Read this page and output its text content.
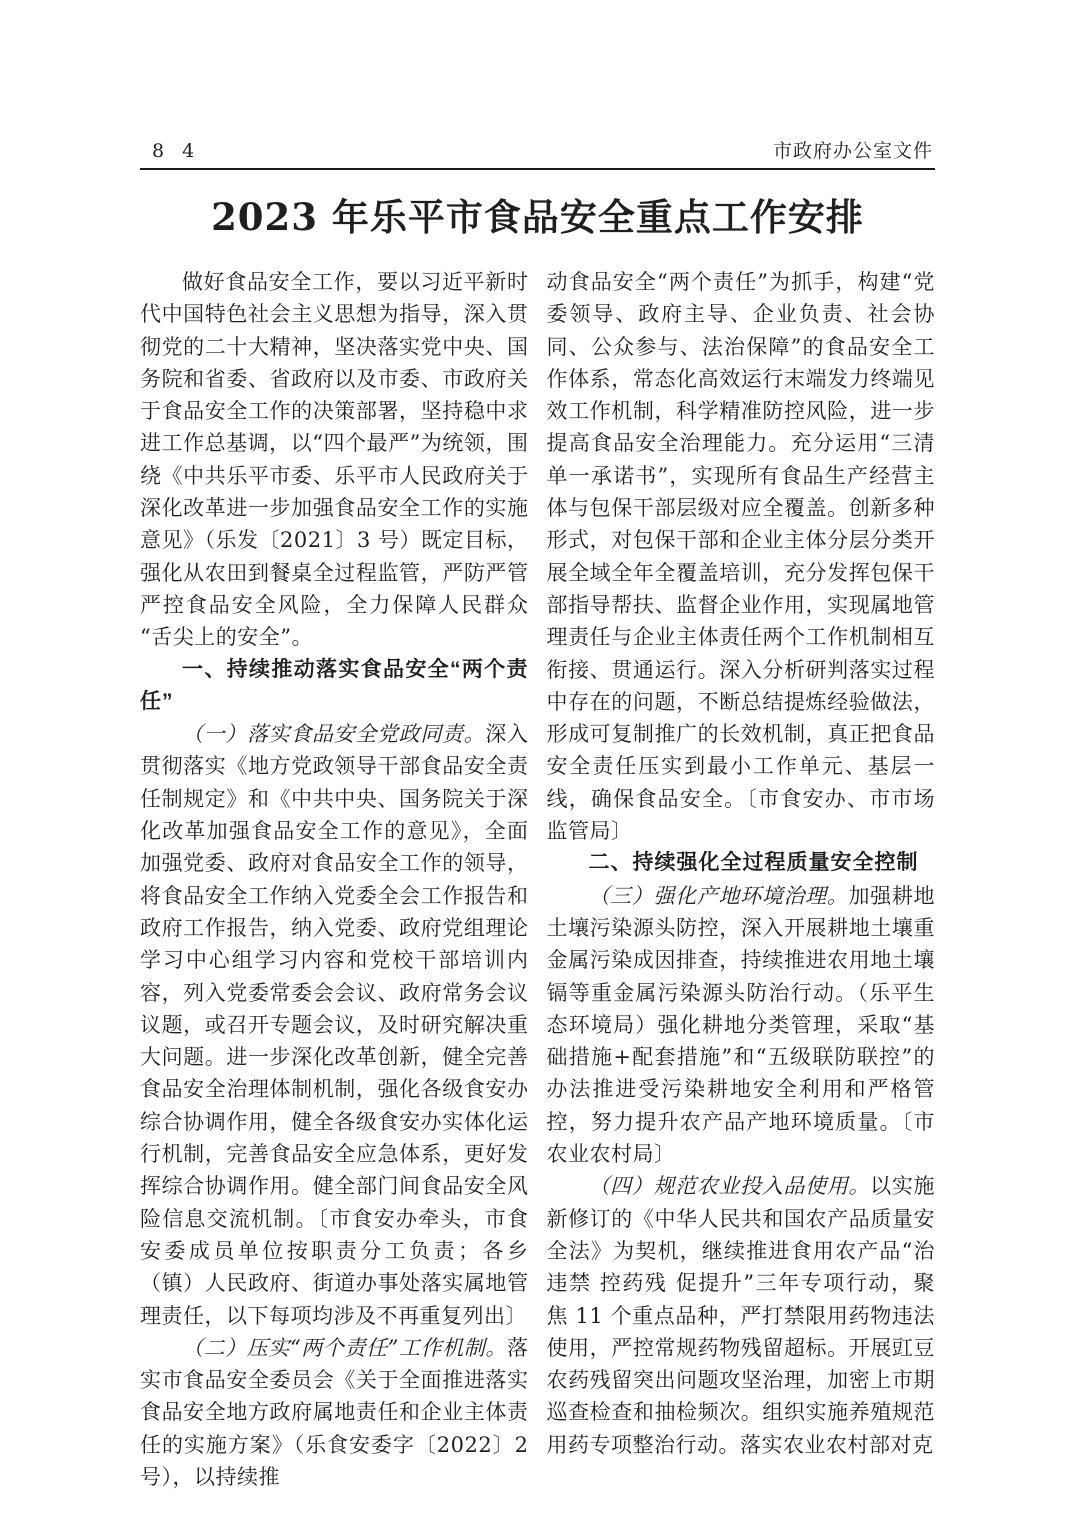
8 4	市政府办公室文件
2023 年乐平市食品安全重点工作安排

做好食品安全工作，要以习近平新时代中国特色社会主义思想为指导，深入贯彻党的二十大精神，坚决落实党中央、国务院和省委、省政府以及市委、市政府关于食品安全工作的决策部署，坚持稳中求进工作总基调，以“四个最严”为统领，围绕《中共乐平市委、乐平市人民政府关于深化改革进一步加强食品安全工作的实施意见》（乐发〔2021〕3 号）既定目标，强化从农田到餐桌全过程监管，严防严管严控食品安全风险，全力保障人民群众“舌尖上的安全”。

一、持续推动落实食品安全“两个责任”

（一）落实食品安全党政同责。深入贯彻落实《地方党政领导干部食品安全责任制规定》和《中共中央、国务院关于深化改革加强食品安全工作的意见》，全面加强党委、政府对食品安全工作的领导，将食品安全工作纳入党委全会工作报告和政府工作报告，纳入党委、政府党组理论学习中心组学习内容和党校干部培训内容，列入党委常委会会议、政府常务会议议题，或召开专题会议，及时研究解决重大问题。进一步深化改革创新，健全完善食品安全治理体制机制，强化各级食安办综合协调作用，健全各级食安办实体化运行机制，完善食品安全应急体系，更好发挥综合协调作用。健全部门间食品安全风险信息交流机制。〔市食安办牵头，市食安委成员单位按职责分工负责；各乡（镇）人民政府、街道办事处落实属地管理责任，以下每项均涉及不再重复列出〕

（二）压实“两个责任”工作机制。落实市食品安全委员会《关于全面推进落实食品安全地方政府属地责任和企业主体责任的实施方案》（乐食安委字〔2022〕2 号），以持续推

动食品安全“两个责任”为抓手，构建“党委领导、政府主导、企业负责、社会协同、公众参与、法治保障”的食品安全工作体系，常态化高效运行末端发力终端见效工作机制，科学精准防控风险，进一步提高食品安全治理能力。充分运用“三清单一承诺书”，实现所有食品生产经营主体与包保干部层级对应全覆盖。创新多种形式，对包保干部和企业主体分层分类开展全域全年全覆盖培训，充分发挥包保干部指导帮扶、监督企业作用，实现属地管理责任与企业主体责任两个工作机制相互衔接、贯通运行。深入分析研判落实过程中存在的问题，不断总结提炼经验做法，形成可复制推广的长效机制，真正把食品安全责任压实到最小工作单元、基层一线，确保食品安全。〔市食安办、市市场监管局〕

二、持续强化全过程质量安全控制

（三）强化产地环境治理。加强耕地土壤污染源头防控，深入开展耕地土壤重金属污染成因排查，持续推进农用地土壤镉等重金属污染源头防治行动。（乐平生态环境局）强化耕地分类管理，采取“基础措施+配套措施”和“五级联防联控”的办法推进受污染耕地安全利用和严格管控，努力提升农产品产地环境质量。〔市农业农村局〕

（四）规范农业投入品使用。以实施新修订的《中华人民共和国农产品质量安全法》为契机，继续推进食用农产品“治违禁 控药残 促提升”三年专项行动，聚焦 11 个重点品种，严打禁限用药物违法使用，严控常规药物残留超标。开展豇豆农药残留突出问题攻坚治理，加密上市期巡查检查和抽检频次。组织实施养殖规范用药专项整治行动。落实农业农村部对克
